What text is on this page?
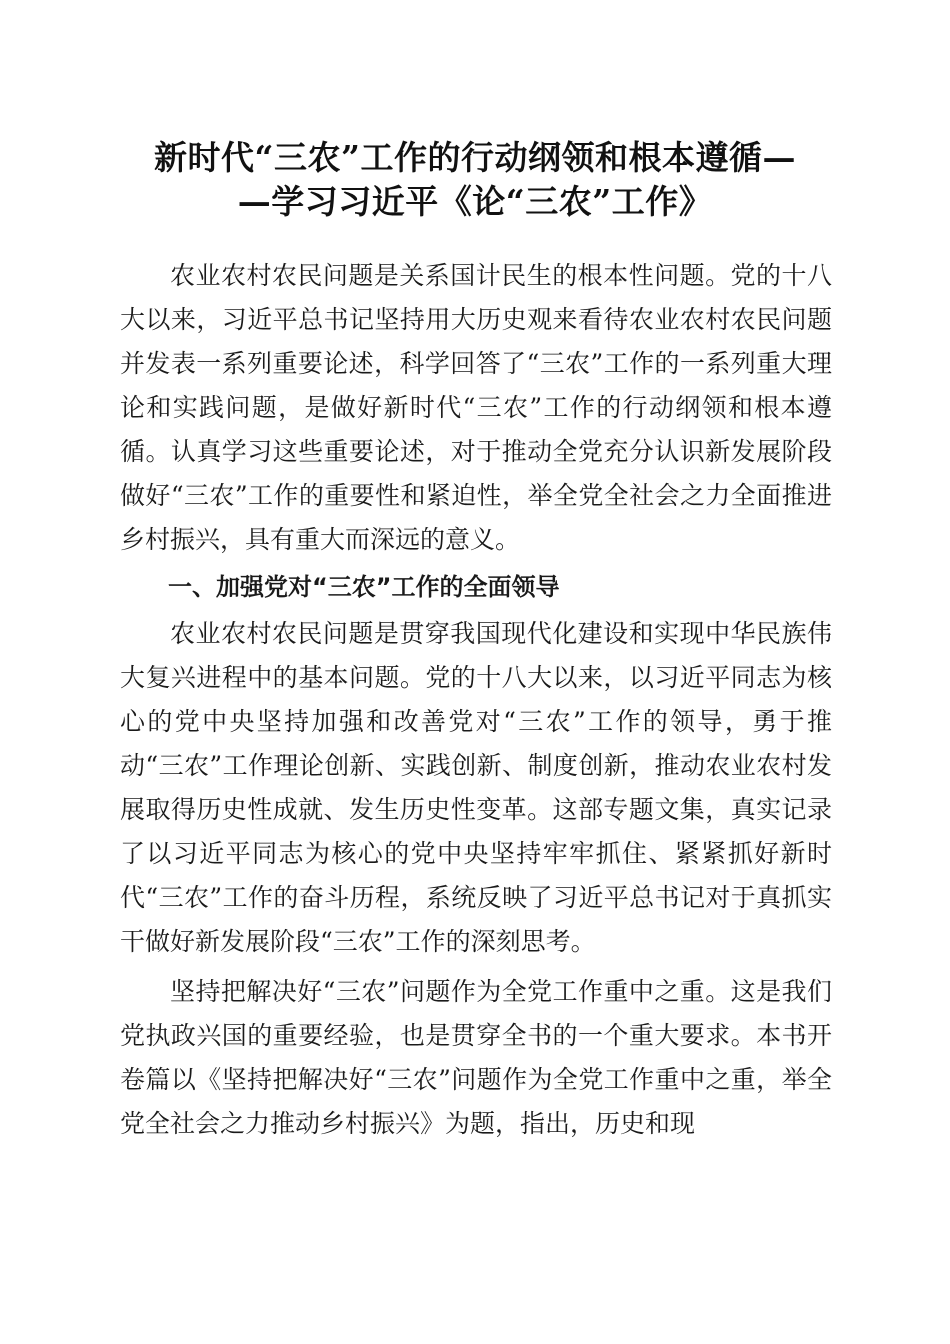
新时代“三农”工作的行动纲领和根本遵循—
—学习习近平《论“三农”工作》

农业农村农民问题是关系国计民生的根本性问题。党的十八大以来，习近平总书记坚持用大历史观来看待农业农村农民问题并发表一系列重要论述，科学回答了“三农”工作的一系列重大理论和实践问题，是做好新时代“三农”工作的行动纲领和根本遵循。认真学习这些重要论述，对于推动全党充分认识新发展阶段做好“三农”工作的重要性和紧迫性，举全党全社会之力全面推进乡村振兴，具有重大而深远的意义。

一、加强党对“三农”工作的全面领导

农业农村农民问题是贯穿我国现代化建设和实现中华民族伟大复兴进程中的基本问题。党的十八大以来，以习近平同志为核心的党中央坚持加强和改善党对“三农”工作的领导，勇于推动“三农”工作理论创新、实践创新、制度创新，推动农业农村发展取得历史性成就、发生历史性变革。这部专题文集，真实记录了以习近平同志为核心的党中央坚持牢牢抓住、紧紧抓好新时代“三农”工作的奋斗历程，系统反映了习近平总书记对于真抓实干做好新发展阶段“三农”工作的深刻思考。

坚持把解决好“三农”问题作为全党工作重中之重。这是我们党执政兴国的重要经验，也是贯穿全书的一个重大要求。本书开卷篇以《坚持把解决好“三农”问题作为全党工作重中之重，举全党全社会之力推动乡村振兴》为题，指出，历史和现
